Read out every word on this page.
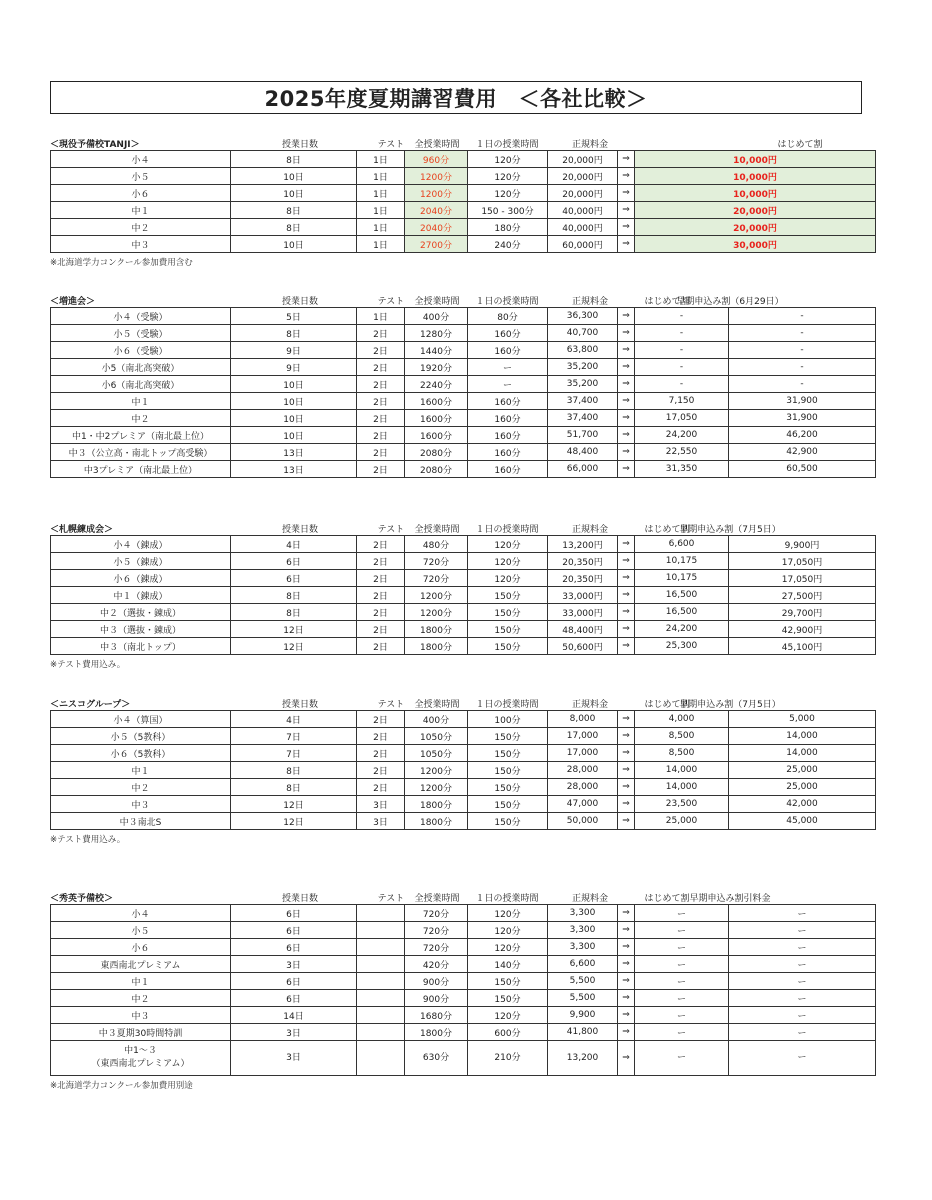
2025年度夏期講習費用　＜各社比較＞
＜現役予備校TANJI＞	授業日数	テスト	全授業時間	１日の授業時間	正規料金	はじめて割
小４	8日	1日	960分	120分	20,000円	⇒	10,000円
小５	10日	1日	1200分	120分	20,000円	⇒	10,000円
小６	10日	1日	1200分	120分	20,000円	⇒	10,000円
中１	8日	1日	2040分	150 - 300分	40,000円	⇒	20,000円
中２	8日	1日	2040分	180分	40,000円	⇒	20,000円
中３	10日	1日	2700分	240分	60,000円	⇒	30,000円
※北海道学力コンクール参加費用含む
＜増進会＞	授業日数	テスト	全授業時間	１日の授業時間	正規料金	はじめて割
早期申込み割（6月29日）
小４（受験）	5日	1日	400分	80分	36,300	⇒	-	-
小５（受験）	8日	2日	1280分	160分	40,700	⇒	-	-
小６（受験）	9日	2日	1440分	160分	63,800	⇒	-	-
小5（南北高突破）	9日	2日	1920分	ー	35,200	⇒	-	-
小6（南北高突破）	10日	2日	2240分	ー	35,200	⇒	-	-
中１	10日	2日	1600分	160分	37,400	⇒	7,150	31,900
中２	10日	2日	1600分	160分	37,400	⇒	17,050	31,900
中1・中2プレミア（南北最上位）	10日	2日	1600分	160分	51,700	⇒	24,200	46,200
中３（公立高・南北トップ高受験）	13日	2日	2080分	160分	48,400	⇒	22,550	42,900
中3プレミア（南北最上位）	13日	2日	2080分	160分	66,000	⇒	31,350	60,500
＜札幌練成会＞	授業日数	テスト	全授業時間	１日の授業時間	正規料金	はじめて割
早期申込み割（7月5日）
小４（錬成）	4日	2日	480分	120分	13,200円	⇒	6,600	9,900円
小５（錬成）	6日	2日	720分	120分	20,350円	⇒	10,175	17,050円
小６（錬成）	6日	2日	720分	120分	20,350円	⇒	10,175	17,050円
中１（錬成）	8日	2日	1200分	150分	33,000円	⇒	16,500	27,500円
中２（選抜・錬成）	8日	2日	1200分	150分	33,000円	⇒	16,500	29,700円
中３（選抜・錬成）	12日	2日	1800分	150分	48,400円	⇒	24,200	42,900円
中３（南北トップ）	12日	2日	1800分	150分	50,600円	⇒	25,300	45,100円
※テスト費用込み。
＜ニスコグループ＞	授業日数	テスト	全授業時間	１日の授業時間	正規料金	はじめて割
早期申込み割（7月5日）
小４（算国）	4日	2日	400分	100分	8,000	⇒	4,000	5,000
小５（5教科）	7日	2日	1050分	150分	17,000	⇒	8,500	14,000
小６（5教科）	7日	2日	1050分	150分	17,000	⇒	8,500	14,000
中１	8日	2日	1200分	150分	28,000	⇒	14,000	25,000
中２	8日	2日	1200分	150分	28,000	⇒	14,000	25,000
中３	12日	3日	1800分	150分	47,000	⇒	23,500	42,000
中３南北S	12日	3日	1800分	150分	50,000	⇒	25,000	45,000
※テスト費用込み。
＜秀英予備校＞	授業日数	テスト	全授業時間	１日の授業時間	正規料金	はじめて割 早期申込み割引料金
小４	6日		720分	120分	3,300	⇒	ー	ー
小５	6日		720分	120分	3,300	⇒	ー	ー
小６	6日		720分	120分	3,300	⇒	ー	ー
東西南北プレミアム	3日		420分	140分	6,600	⇒	ー	ー
中１	6日		900分	150分	5,500	⇒	ー	ー
中２	6日		900分	150分	5,500	⇒	ー	ー
中３	14日		1680分	120分	9,900	⇒	ー	ー
中３夏期30時間特訓	3日		1800分	600分	41,800	⇒	ー	ー
中1～３
（東西南北プレミアム）	3日		630分	210分	13,200	⇒	ー	ー
※北海道学力コンクール参加費用別途
